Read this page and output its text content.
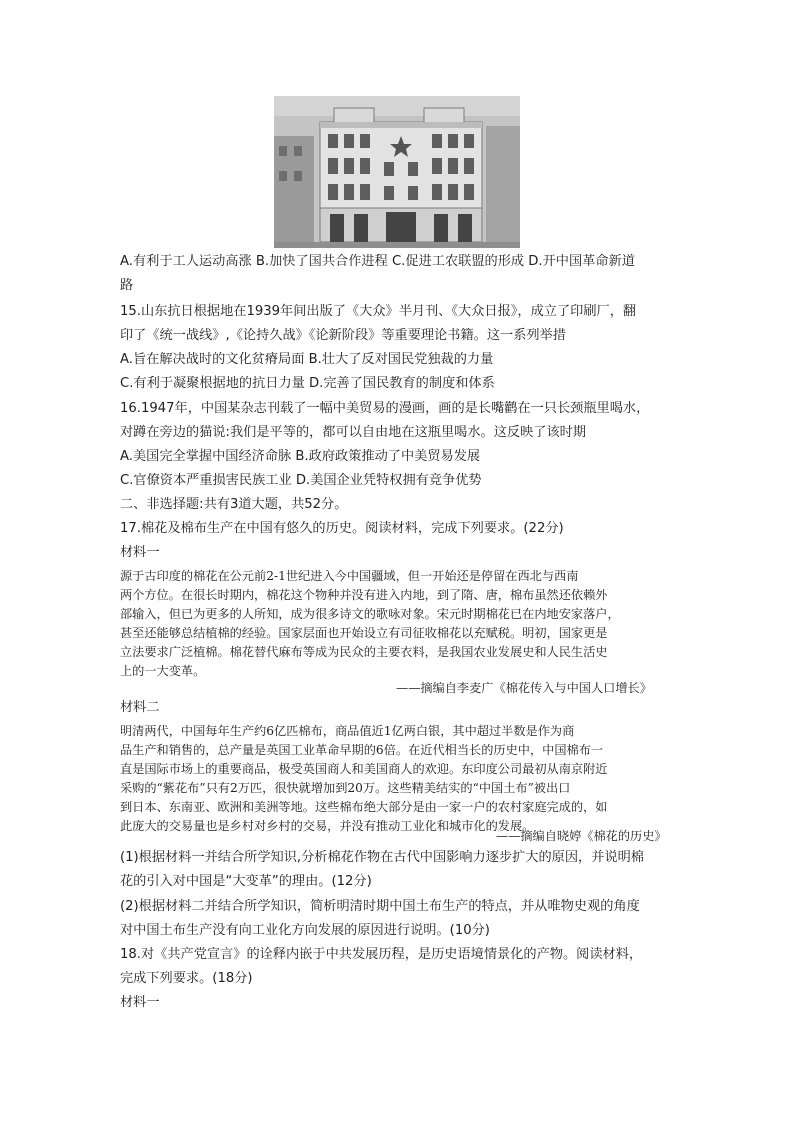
A.有利于工人运动高涨 B.加快了国共合作进程 C.促进工农联盟的形成 D.开中国革命新道
路
15.山东抗日根据地在1939年间出版了《大众》半月刊、《大众日报》，成立了印刷厂，翻
印了《统一战线》,《论持久战》《论新阶段》等重要理论书籍。这一系列举措
A.旨在解决战时的文化贫瘠局面 B.壮大了反对国民党独裁的力量
C.有利于凝聚根据地的抗日力量 D.完善了国民教育的制度和体系
16.1947年，中国某杂志刊载了一幅中美贸易的漫画，画的是长嘴鹳在一只长颈瓶里喝水，
对蹲在旁边的猫说:我们是平等的，都可以自由地在这瓶里喝水。这反映了该时期
A.美国完全掌握中国经济命脉 B.政府政策推动了中美贸易发展
C.官僚资本严重损害民族工业 D.美国企业凭特权拥有竞争优势
二、非选择题:共有3道大题，共52分。
17.棉花及棉布生产在中国有悠久的历史。阅读材料，完成下列要求。(22分)
材料一
源于古印度的棉花在公元前2-1世纪进入今中国疆域，但一开始还是停留在西北与西南
两个方位。在很长时期内，棉花这个物种并没有进入内地，到了隋、唐，棉布虽然还依赖外
部输入，但已为更多的人所知，成为很多诗文的歌咏对象。宋元时期棉花已在内地安家落户，
甚至还能够总结植棉的经验。国家层面也开始设立有司征收棉花以充赋税。明初，国家更是
立法要求广泛植棉。棉花替代麻布等成为民众的主要衣料，是我国农业发展史和人民生活史
上的一大变革。
——摘编自李麦广《棉花传入与中国人口增长》
材料二
明清两代，中国每年生产约6亿匹棉布，商品值近1亿两白银，其中超过半数是作为商
品生产和销售的，总产量是英国工业革命早期的6倍。在近代相当长的历史中，中国棉布一
直是国际市场上的重要商品，极受英国商人和美国商人的欢迎。东印度公司最初从南京附近
采购的“紫花布”只有2万匹，很快就增加到20万。这些精美结实的“中国土布”被出口
到日本、东南亚、欧洲和美洲等地。这些棉布绝大部分是由一家一户的农村家庭完成的，如
此庞大的交易量也是乡村对乡村的交易，并没有推动工业化和城市化的发展。
——摘编自晓婷《棉花的历史》
(1)根据材料一并结合所学知识,分析棉花作物在古代中国影响力逐步扩大的原因，并说明棉
花的引入对中国是“大变革”的理由。(12分)
(2)根据材料二并结合所学知识，简析明清时期中国土布生产的特点，并从唯物史观的角度
对中国土布生产没有向工业化方向发展的原因进行说明。(10分)
18.对《共产党宣言》的诠释内嵌于中共发展历程，是历史语境情景化的产物。阅读材料，
完成下列要求。(18分)
材料一
